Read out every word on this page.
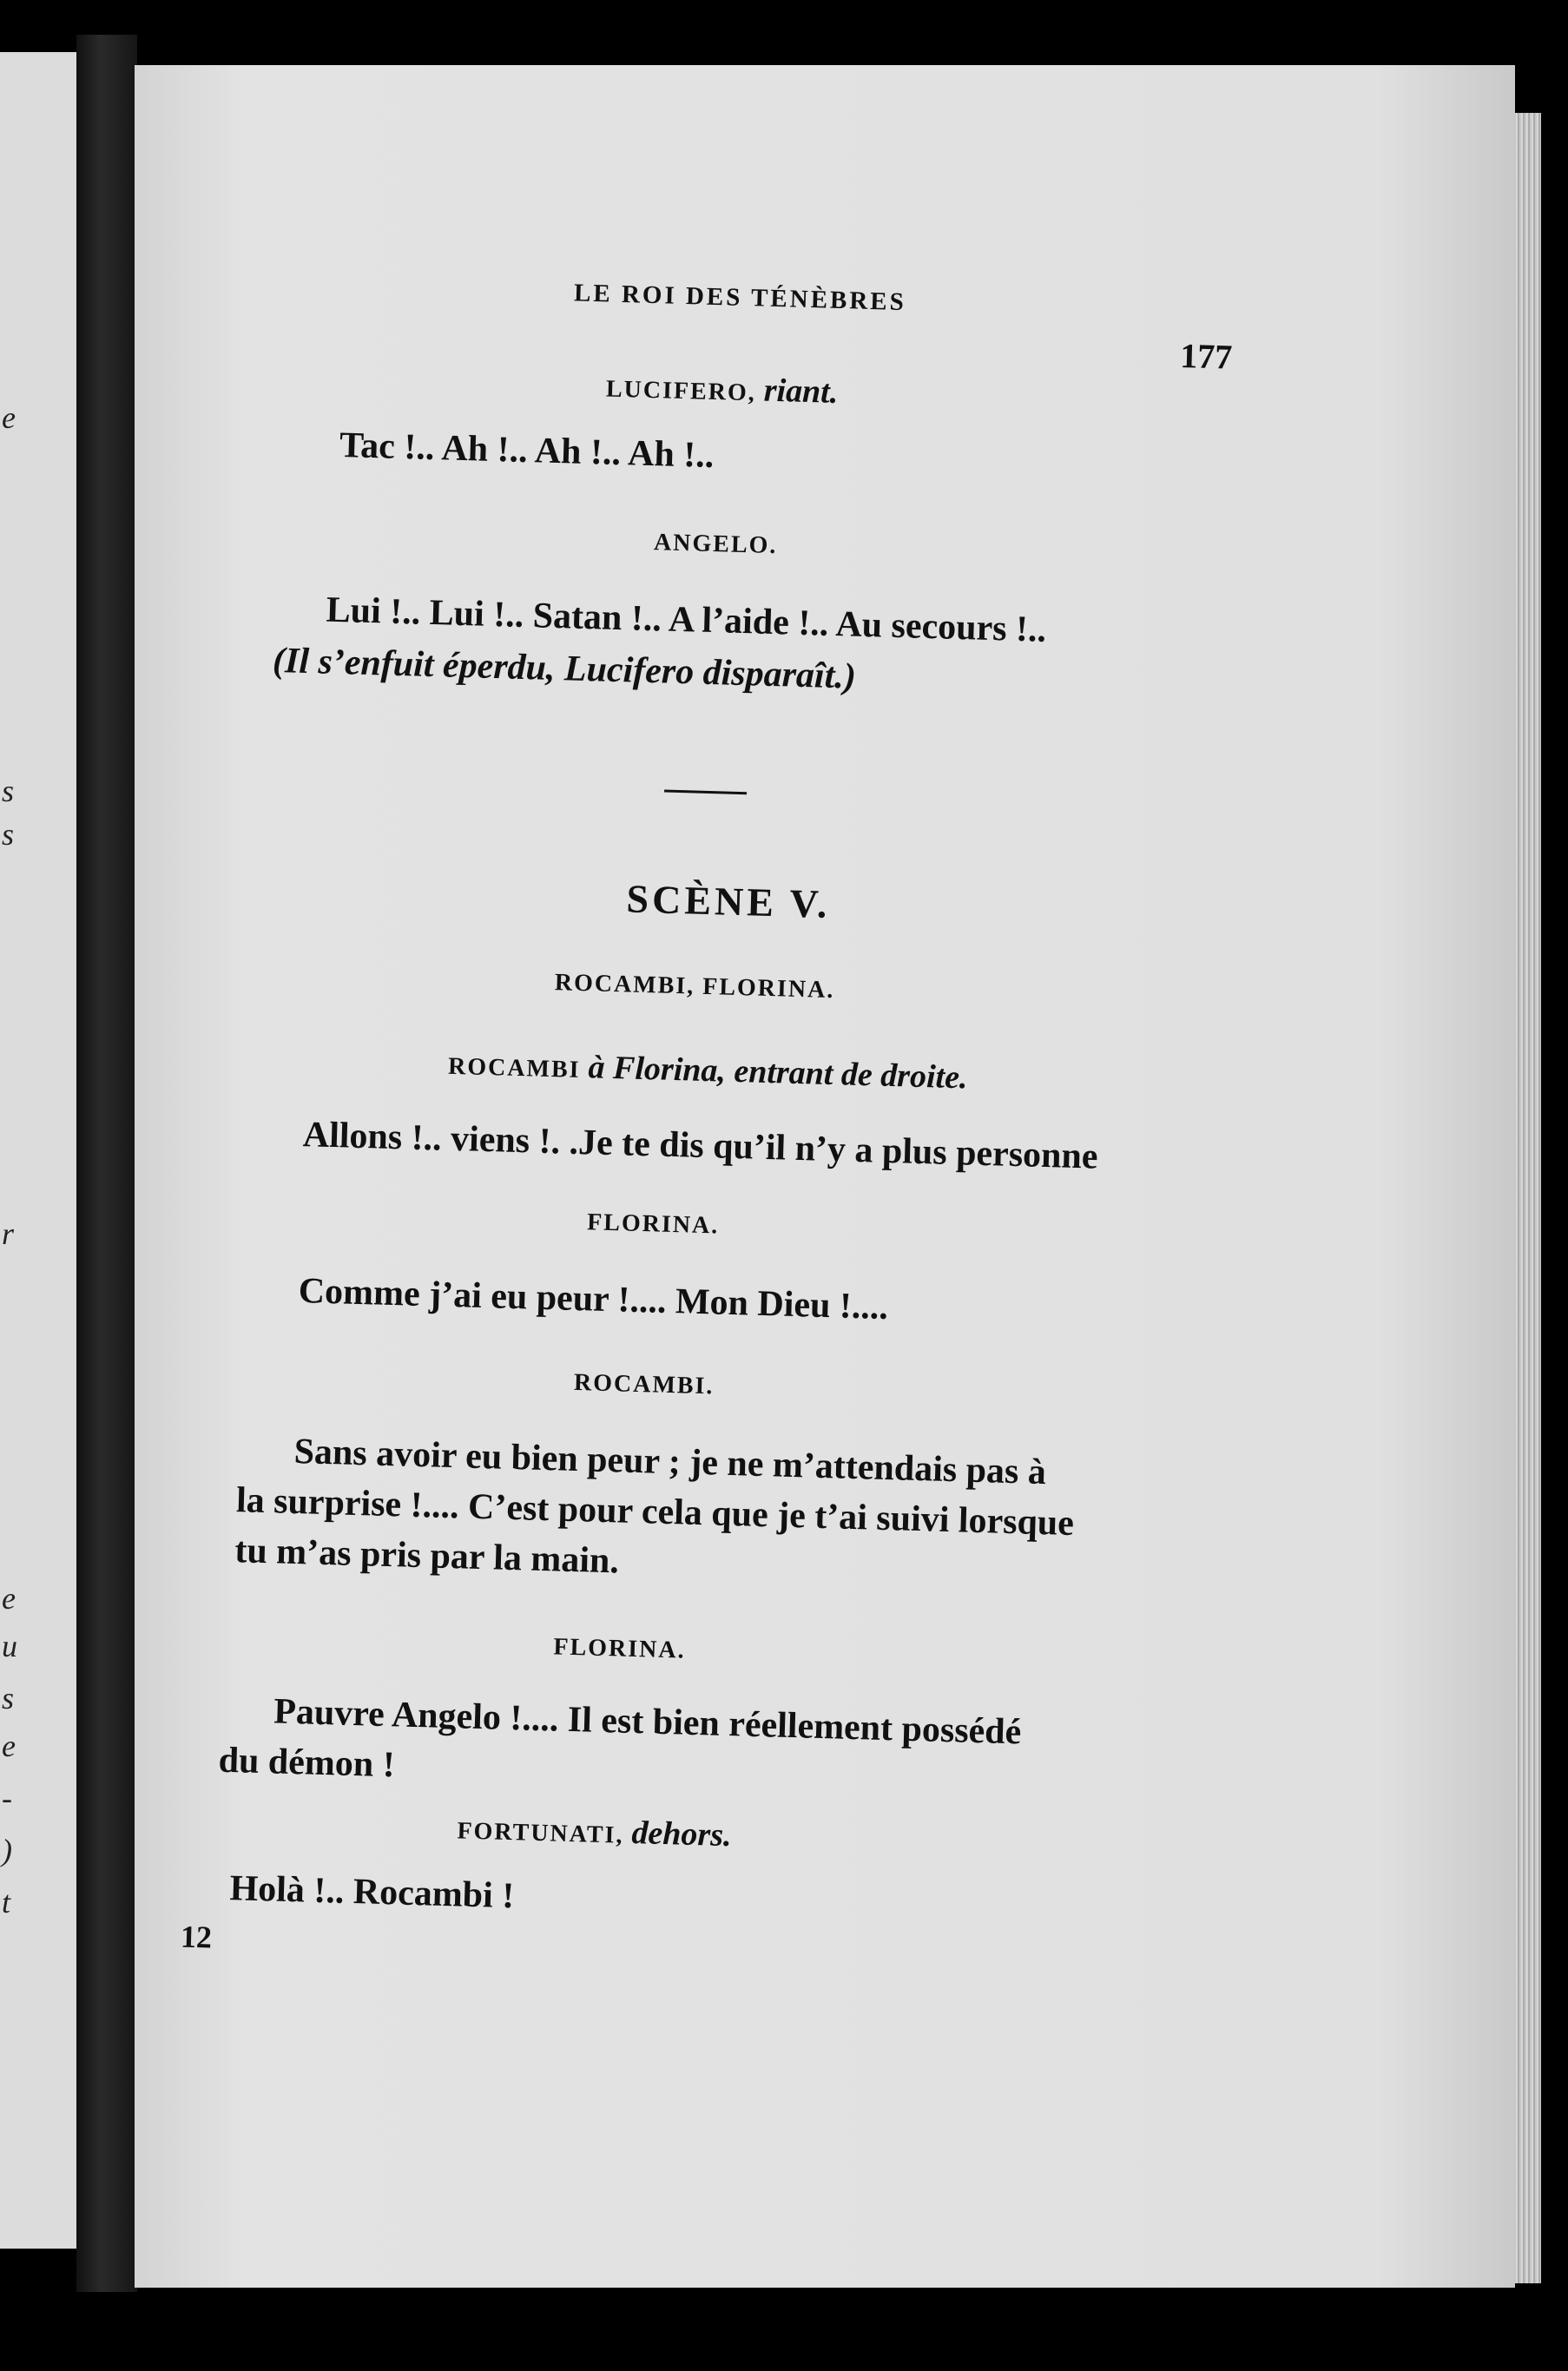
e
s
s
r
e
u
s
e
-
)
t
LE ROI DES TÉNÈBRES
177
LUCIFERO, riant.
Tac !.. Ah !.. Ah !.. Ah !..
ANGELO.
Lui !.. Lui !.. Satan !.. A l’aide !.. Au secours !..
(Il s’enfuit éperdu, Lucifero disparaît.)
SCÈNE V.
ROCAMBI, FLORINA.
ROCAMBI à Florina, entrant de droite.
Allons !.. viens !. .Je te dis qu’il n’y a plus personne
FLORINA.
Comme j’ai eu peur !.... Mon Dieu !....
ROCAMBI.
Sans avoir eu bien peur ; je ne m’attendais pas à
la surprise !.... C’est pour cela que je t’ai suivi lorsque
tu m’as pris par la main.
FLORINA.
Pauvre Angelo !.... Il est bien réellement possédé
du démon !
FORTUNATI, dehors.
Holà !.. Rocambi !
12
